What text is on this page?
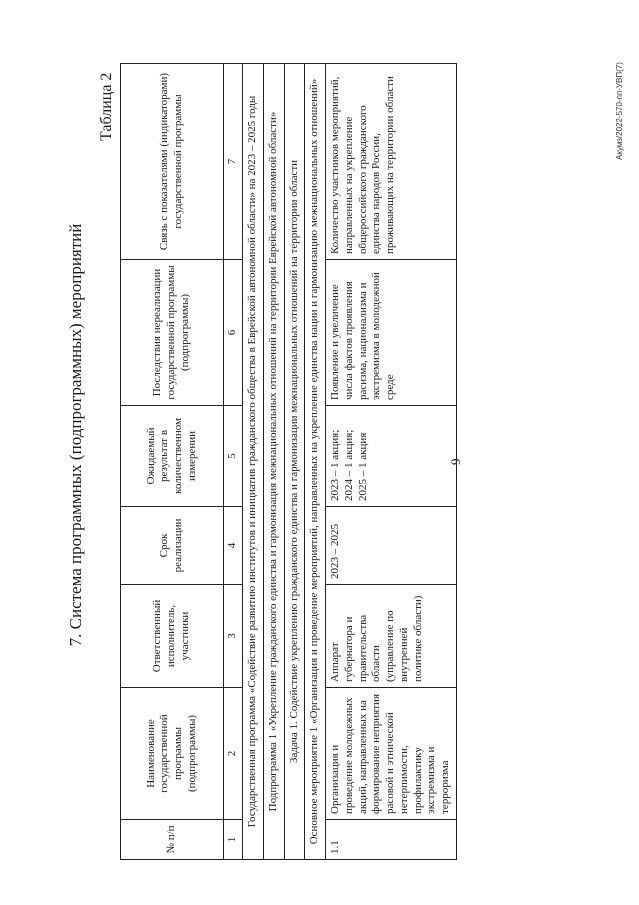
9
7. Система программных (подпрограммных) мероприятий
Таблица 2
№ п/п	Наименование государственной программы (подпрограммы)	Ответственный исполнитель, участники	Срок реализации	Ожидаемый результат в количественном измерении	Последствия нереализации государственной программы (подпрограммы)	Связь с показателями (индикаторами) государственной программы
1	2	3	4	5	6	7
Государственная программа «Содействие развитию институтов и инициатив гражданского общества в Еврейской автономной области» на 2023 – 2025 годы						
Подпрограмма 1 «Укрепление гражданского единства и гармонизация межнациональных отношений на территории Еврейской автономной области»						
Задача 1. Содействие укреплению гражданского единства и гармонизации межнациональных отношений на территории области						
Основное мероприятие 1 «Организация и проведение мероприятий, направленных на укрепление единства нации и гармонизацию межнациональных отношений»						
1.1	Организация и проведение молодежных акций, направленных на формирование неприятия расовой и этнической нетерпимости, профилактику экстремизма и терроризма	Аппарат губернатора и правительства области (управление по внутренней политике области)	2023 – 2025	2023 – 1 акция; 2024 – 1 акция; 2025 – 1 акция	Появление и увеличение числа фактов проявления расизма, национализма и экстремизма в молодежной среде	Количество участников мероприятий, направленных на укрепление общероссийского гражданского единства народов России, проживающих на территории области	Акумз/2022-570-пп-УВП(7)
